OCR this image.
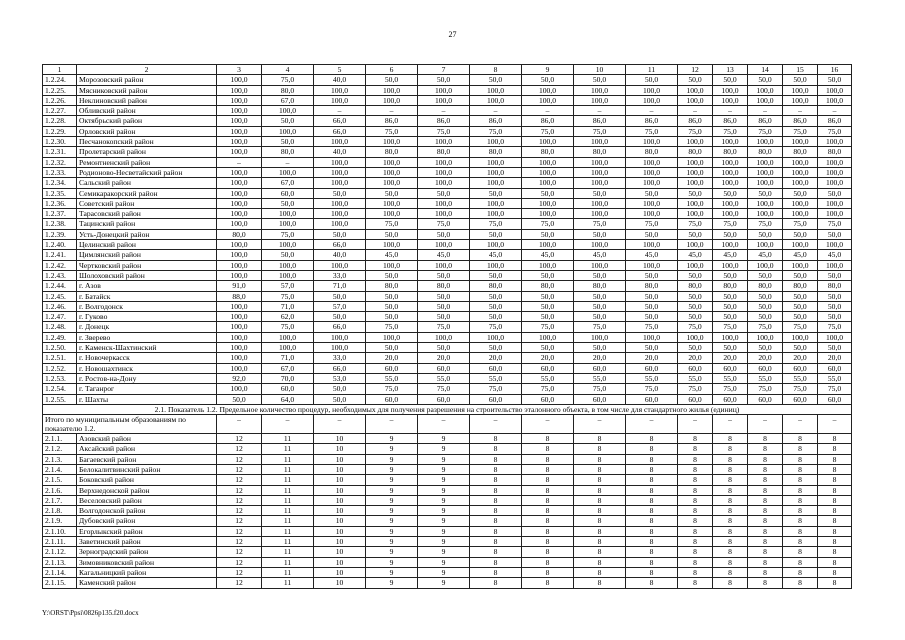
27
1	2	3	4	5	6	7	8	9	10	11	12	13	14	15	16
1.2.24.	Морозовский район	100,0	75,0	40,0	50,0	50,0	50,0	50,0	50,0	50,0	50,0	50,0	50,0	50,0	50,0
1.2.25.	Мясниковский район	100,0	80,0	100,0	100,0	100,0	100,0	100,0	100,0	100,0	100,0	100,0	100,0	100,0	100,0
1.2.26.	Неклиновский район	100,0	67,0	100,0	100,0	100,0	100,0	100,0	100,0	100,0	100,0	100,0	100,0	100,0	100,0
1.2.27.	Обливский район	100,0	100,0	–	–	–	–	–	–	–	–	–	–	–	–
1.2.28.	Октябрьский район	100,0	50,0	66,0	86,0	86,0	86,0	86,0	86,0	86,0	86,0	86,0	86,0	86,0	86,0
1.2.29.	Орловский район	100,0	100,0	66,0	75,0	75,0	75,0	75,0	75,0	75,0	75,0	75,0	75,0	75,0	75,0
1.2.30.	Песчанокопский район	100,0	50,0	100,0	100,0	100,0	100,0	100,0	100,0	100,0	100,0	100,0	100,0	100,0	100,0
1.2.31.	Пролетарский район	100,0	80,0	40,0	80,0	80,0	80,0	80,0	80,0	80,0	80,0	80,0	80,0	80,0	80,0
1.2.32.	Ремонтненский район	–	–	100,0	100,0	100,0	100,0	100,0	100,0	100,0	100,0	100,0	100,0	100,0	100,0
1.2.33.	Родионово-Несветайский район	100,0	100,0	100,0	100,0	100,0	100,0	100,0	100,0	100,0	100,0	100,0	100,0	100,0	100,0
1.2.34.	Сальский район	100,0	67,0	100,0	100,0	100,0	100,0	100,0	100,0	100,0	100,0	100,0	100,0	100,0	100,0
1.2.35.	Семикаракорский район	100,0	60,0	50,0	50,0	50,0	50,0	50,0	50,0	50,0	50,0	50,0	50,0	50,0	50,0
1.2.36.	Советский район	100,0	50,0	100,0	100,0	100,0	100,0	100,0	100,0	100,0	100,0	100,0	100,0	100,0	100,0
1.2.37.	Тарасовский район	100,0	100,0	100,0	100,0	100,0	100,0	100,0	100,0	100,0	100,0	100,0	100,0	100,0	100,0
1.2.38.	Тацинский район	100,0	100,0	100,0	75,0	75,0	75,0	75,0	75,0	75,0	75,0	75,0	75,0	75,0	75,0
1.2.39.	Усть-Донецкий район	80,0	75,0	50,0	50,0	50,0	50,0	50,0	50,0	50,0	50,0	50,0	50,0	50,0	50,0
1.2.40.	Целинский район	100,0	100,0	66,0	100,0	100,0	100,0	100,0	100,0	100,0	100,0	100,0	100,0	100,0	100,0
1.2.41.	Цимлянский район	100,0	50,0	40,0	45,0	45,0	45,0	45,0	45,0	45,0	45,0	45,0	45,0	45,0	45,0
1.2.42.	Чертковский район	100,0	100,0	100,0	100,0	100,0	100,0	100,0	100,0	100,0	100,0	100,0	100,0	100,0	100,0
1.2.43.	Шолоховский район	100,0	100,0	33,0	50,0	50,0	50,0	50,0	50,0	50,0	50,0	50,0	50,0	50,0	50,0
1.2.44.	г. Азов	91,0	57,0	71,0	80,0	80,0	80,0	80,0	80,0	80,0	80,0	80,0	80,0	80,0	80,0
1.2.45.	г. Батайск	88,0	75,0	50,0	50,0	50,0	50,0	50,0	50,0	50,0	50,0	50,0	50,0	50,0	50,0
1.2.46.	г. Волгодонск	100,0	71,0	57,0	50,0	50,0	50,0	50,0	50,0	50,0	50,0	50,0	50,0	50,0	50,0
1.2.47.	г. Гуково	100,0	62,0	50,0	50,0	50,0	50,0	50,0	50,0	50,0	50,0	50,0	50,0	50,0	50,0
1.2.48.	г. Донецк	100,0	75,0	66,0	75,0	75,0	75,0	75,0	75,0	75,0	75,0	75,0	75,0	75,0	75,0
1.2.49.	г. Зверево	100,0	100,0	100,0	100,0	100,0	100,0	100,0	100,0	100,0	100,0	100,0	100,0	100,0	100,0
1.2.50.	г. Каменск-Шахтинский	100,0	100,0	100,0	50,0	50,0	50,0	50,0	50,0	50,0	50,0	50,0	50,0	50,0	50,0
1.2.51.	г. Новочеркасск	100,0	71,0	33,0	20,0	20,0	20,0	20,0	20,0	20,0	20,0	20,0	20,0	20,0	20,0
1.2.52.	г. Новошахтинск	100,0	67,0	66,0	60,0	60,0	60,0	60,0	60,0	60,0	60,0	60,0	60,0	60,0	60,0
1.2.53.	г. Ростов-на-Дону	92,0	70,0	53,0	55,0	55,0	55,0	55,0	55,0	55,0	55,0	55,0	55,0	55,0	55,0
1.2.54.	г. Таганрог	100,0	60,0	50,0	75,0	75,0	75,0	75,0	75,0	75,0	75,0	75,0	75,0	75,0	75,0
1.2.55.	г. Шахты	50,0	64,0	50,0	60,0	60,0	60,0	60,0	60,0	60,0	60,0	60,0	60,0	60,0	60,0
2.1. Показатель 1.2. Предельное количество процедур, необходимых для получения разрешения на строительство эталонного объекта, в том числе для стандартного жилья (единиц)															
Итого по муниципальным образованиям по показателю 1.2.		–	–	–	–	–	–	–	–	–	–	–	–	–	–
2.1.1.	Азовский район	12	11	10	9	9	8	8	8	8	8	8	8	8	8
2.1.2.	Аксайский район	12	11	10	9	9	8	8	8	8	8	8	8	8	8
2.1.3.	Багаевский район	12	11	10	9	9	8	8	8	8	8	8	8	8	8
2.1.4.	Белокалитвинский район	12	11	10	9	9	8	8	8	8	8	8	8	8	8
2.1.5.	Боковский район	12	11	10	9	9	8	8	8	8	8	8	8	8	8
2.1.6.	Верхнедонской район	12	11	10	9	9	8	8	8	8	8	8	8	8	8
2.1.7.	Веселовский район	12	11	10	9	9	8	8	8	8	8	8	8	8	8
2.1.8.	Волгодонской район	12	11	10	9	9	8	8	8	8	8	8	8	8	8
2.1.9.	Дубовский район	12	11	10	9	9	8	8	8	8	8	8	8	8	8
2.1.10.	Егорлыкский район	12	11	10	9	9	8	8	8	8	8	8	8	8	8
2.1.11.	Заветинский район	12	11	10	9	9	8	8	8	8	8	8	8	8	8
2.1.12.	Зерноградский район	12	11	10	9	9	8	8	8	8	8	8	8	8	8
2.1.13.	Зимовниковский район	12	11	10	9	9	8	8	8	8	8	8	8	8	8
2.1.14.	Кагальницкий район	12	11	10	9	9	8	8	8	8	8	8	8	8	8
2.1.15.	Каменский район	12	11	10	9	9	8	8	8	8	8	8	8	8	8
Y:\ORST\Ppsi\0826p135.f20.docx
